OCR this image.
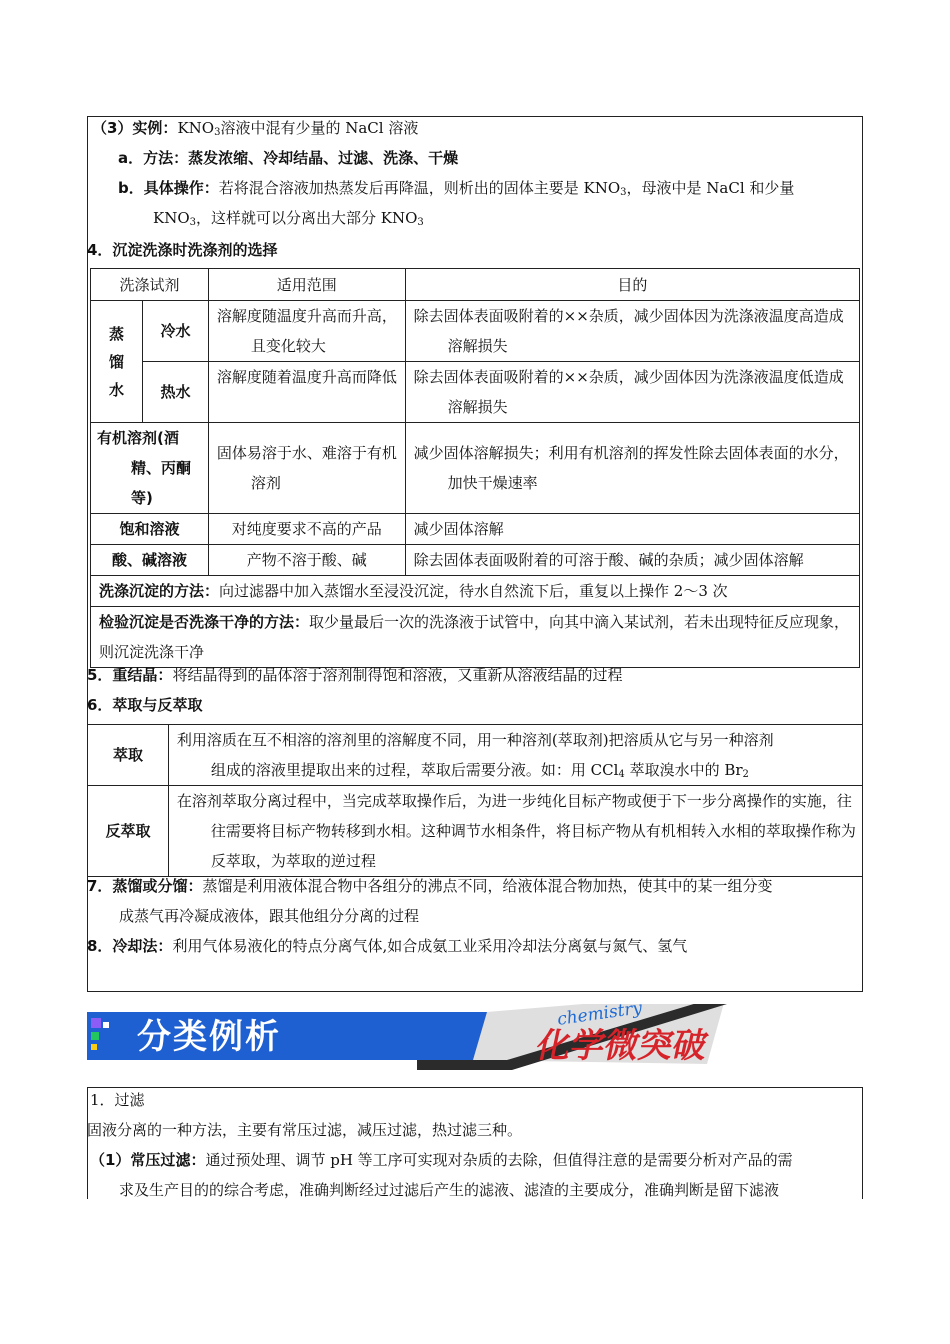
（3）实例：$KNO_3$溶液中混有少量的 NaCl 溶液
a．方法：蒸发浓缩、冷却结晶、过滤、洗涤、干燥
b．具体操作：若将混合溶液加热蒸发后再降温，则析出的固体主要是 $KNO_3$，母液中是 NaCl 和少量
$KNO_3$，这样就可以分离出大部分 $KNO_3$
4．沉淀洗涤时洗涤剂的选择
洗涤试剂		适用范围	目的
蒸馏水	冷水	溶解度随温度升高而升高，且变化较大	除去固体表面吸附着的××杂质，减少固体因为洗涤液温度高造成溶解损失
	热水	溶解度随着温度升高而降低	除去固体表面吸附着的××杂质，减少固体因为洗涤液温度低造成溶解损失
有机溶剂(酒精、丙酮等)		固体易溶于水、难溶于有机溶剂	减少固体溶解损失；利用有机溶剂的挥发性除去固体表面的水分，加快干燥速率
饱和溶液		对纯度要求不高的产品	减少固体溶解
酸、碱溶液		产物不溶于酸、碱	除去固体表面吸附着的可溶于酸、碱的杂质；减少固体溶解
洗涤沉淀的方法：向过滤器中加入蒸馏水至浸没沉淀，待水自然流下后，重复以上操作 2～3 次			
检验沉淀是否洗涤干净的方法：取少量最后一次的洗涤液于试管中，向其中滴入某试剂，若未出现特征反应现象，则沉淀洗涤干净			
5．重结晶：将结晶得到的晶体溶于溶剂制得饱和溶液，又重新从溶液结晶的过程
6．萃取与反萃取
萃取	利用溶质在互不相溶的溶剂里的溶解度不同，用一种溶剂(萃取剂)把溶质从它与另一种溶剂
组成的溶液里提取出来的过程，萃取后需要分液。如：用 CCl$_4$ 萃取溴水中的 $Br_2$

反萃取	在溶剂萃取分离过程中，当完成萃取操作后，为进一步纯化目标产物或便于下一步分离操作的实施，往往需要将目标产物转移到水相。这种调节水相条件，将目标产物从有机相转入水相的萃取操作称为反萃取，为萃取的逆过程
7．蒸馏或分馏：蒸馏是利用液体混合物中各组分的沸点不同，给液体混合物加热，使其中的某一组分变
成蒸气再冷凝成液体，跟其他组分分离的过程
8．冷却法：利用气体易液化的特点分离气体,如合成氨工业采用冷却法分离氨与氮气、氢气
分类例析
chemistry
化学微突破
1．过滤
固液分离的一种方法，主要有常压过滤，减压过滤，热过滤三种。
（1）常压过滤：通过预处理、调节 pH 等工序可实现对杂质的去除，但值得注意的是需要分析对产品的需
求及生产目的的综合考虑，准确判断经过过滤后产生的滤液、滤渣的主要成分，准确判断是留下滤液
